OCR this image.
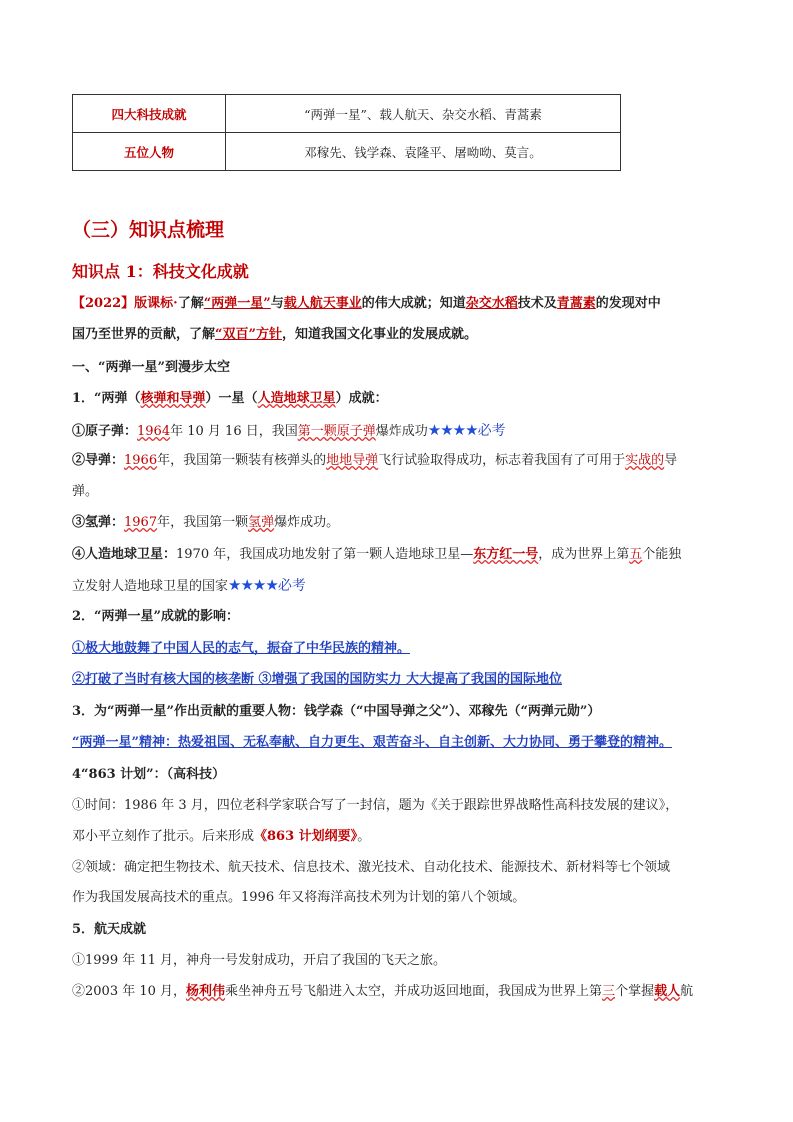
四大科技成就	“两弹一星”、载人航天、杂交水稻、青蒿素
五位人物	邓稼先、钱学森、袁隆平、屠呦呦、莫言。
（三）知识点梳理
知识点 1：科技文化成就
【2022】版课标·了解“两弹一星”与载人航天事业的伟大成就；知道杂交水稻技术及青蒿素的发现对中
国乃至世界的贡献，了解“双百”方针，知道我国文化事业的发展成就。
一、“两弹一星”到漫步太空
1．“两弹（核弹和导弹）一星（人造地球卫星）成就：
①原子弹：1964年 10 月 16 日，我国第一颗原子弹爆炸成功★★★★必考
②导弹：1966年，我国第一颗装有核弹头的地地导弹飞行试验取得成功，标志着我国有了可用于实战的导
弹。
③氢弹：1967年，我国第一颗氢弹爆炸成功。
④人造地球卫星：1970 年，我国成功地发射了第一颗人造地球卫星—东方红一号，成为世界上第五个能独
立发射人造地球卫星的国家★★★★必考
2．“两弹一星”成就的影响：
①极大地鼓舞了中国人民的志气，振奋了中华民族的精神。
②打破了当时有核大国的核垄断 ③增强了我国的国防实力 大大提高了我国的国际地位
3．为“两弹一星”作出贡献的重要人物：钱学森（“中国导弹之父”）、邓稼先（“两弹元勋”）
“两弹一星”精神：热爱祖国、无私奉献、自力更生、艰苦奋斗、自主创新、大力协同、勇于攀登的精神。
4“863 计划”：（高科技）
①时间：1986 年 3 月，四位老科学家联合写了一封信，题为《关于跟踪世界战略性高科技发展的建议》，
邓小平立刻作了批示。后来形成《863 计划纲要》。
②领域：确定把生物技术、航天技术、信息技术、激光技术、自动化技术、能源技术、新材料等七个领域
作为我国发展高技术的重点。1996 年又将海洋高技术列为计划的第八个领域。
5．航天成就
①1999 年 11 月，神舟一号发射成功，开启了我国的飞天之旅。
②2003 年 10 月，杨利伟乘坐神舟五号飞船进入太空，并成功返回地面，我国成为世界上第三个掌握载人航
